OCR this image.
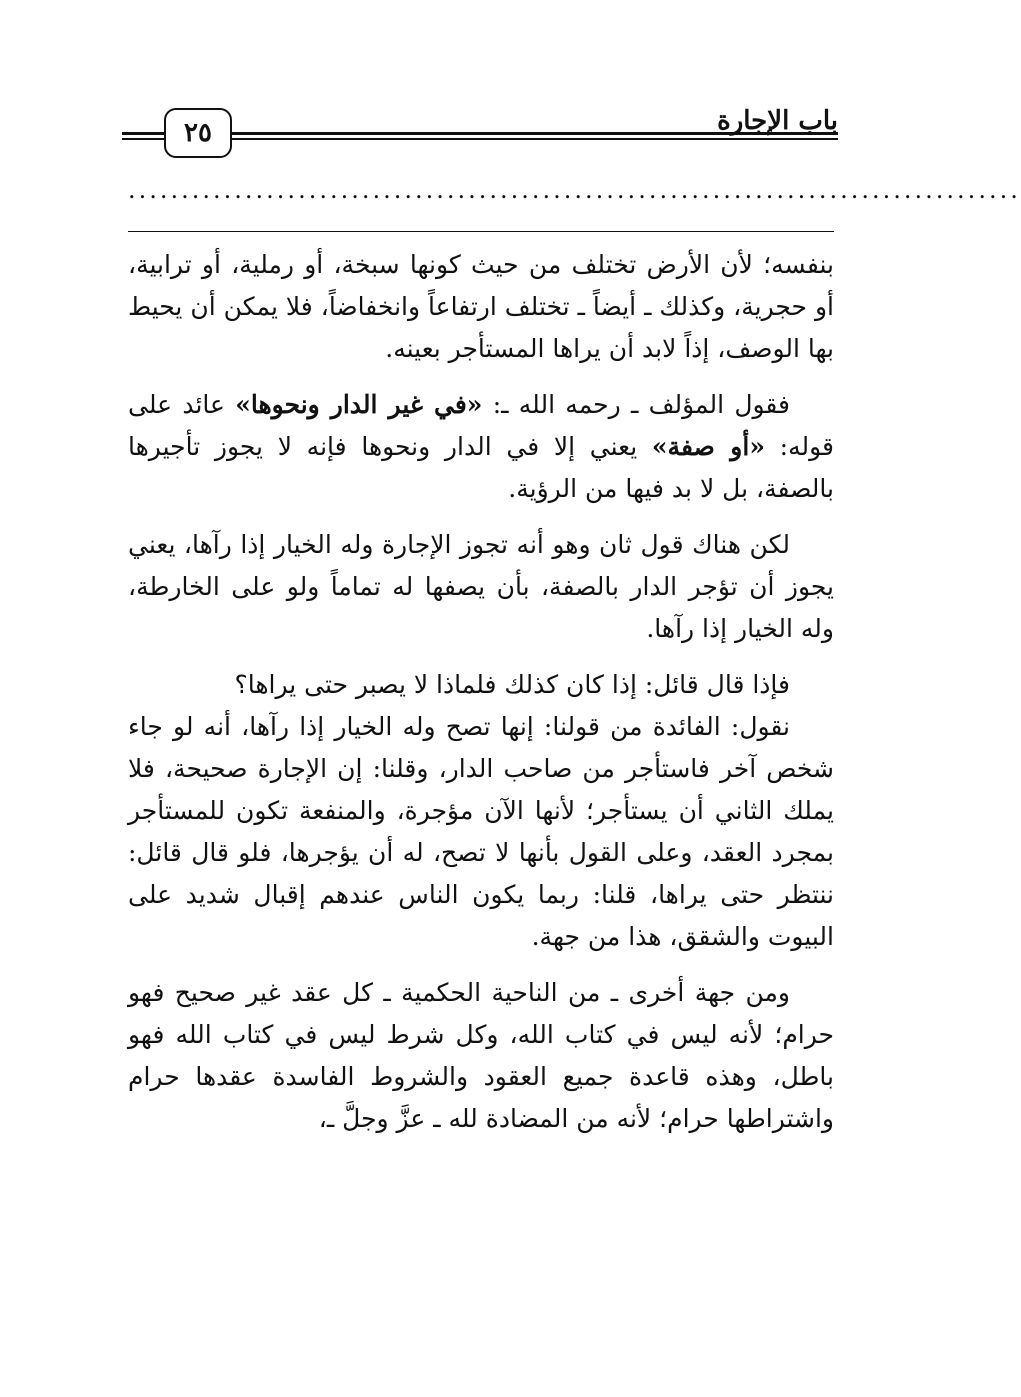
٢٥	باب الإجارة
....................................................................................

بنفسه؛ لأن الأرض تختلف من حيث كونها سبخة، أو رملية، أو ترابية، أو حجرية، وكذلك ـ أيضاً ـ تختلف ارتفاعاً وانخفاضاً، فلا يمكن أن يحيط بها الوصف، إذاً لابد أن يراها المستأجر بعينه.

فقول المؤلف ـ رحمه الله ـ: «في غير الدار ونحوها» عائد على قوله: «أو صفة» يعني إلا في الدار ونحوها فإنه لا يجوز تأجيرها بالصفة، بل لا بد فيها من الرؤية.

لكن هناك قول ثان وهو أنه تجوز الإجارة وله الخيار إذا رآها، يعني يجوز أن تؤجر الدار بالصفة، بأن يصفها له تماماً ولو على الخارطة، وله الخيار إذا رآها.

فإذا قال قائل: إذا كان كذلك فلماذا لا يصبر حتى يراها؟

نقول: الفائدة من قولنا: إنها تصح وله الخيار إذا رآها، أنه لو جاء شخص آخر فاستأجر من صاحب الدار، وقلنا: إن الإجارة صحيحة، فلا يملك الثاني أن يستأجر؛ لأنها الآن مؤجرة، والمنفعة تكون للمستأجر بمجرد العقد، وعلى القول بأنها لا تصح، له أن يؤجرها، فلو قال قائل: ننتظر حتى يراها، قلنا: ربما يكون الناس عندهم إقبال شديد على البيوت والشقق، هذا من جهة.

ومن جهة أخرى ـ من الناحية الحكمية ـ كل عقد غير صحيح فهو حرام؛ لأنه ليس في كتاب الله، وكل شرط ليس في كتاب الله فهو باطل، وهذه قاعدة جميع العقود والشروط الفاسدة عقدها حرام واشتراطها حرام؛ لأنه من المضادة لله ـ عزَّ وجلَّ ـ،
